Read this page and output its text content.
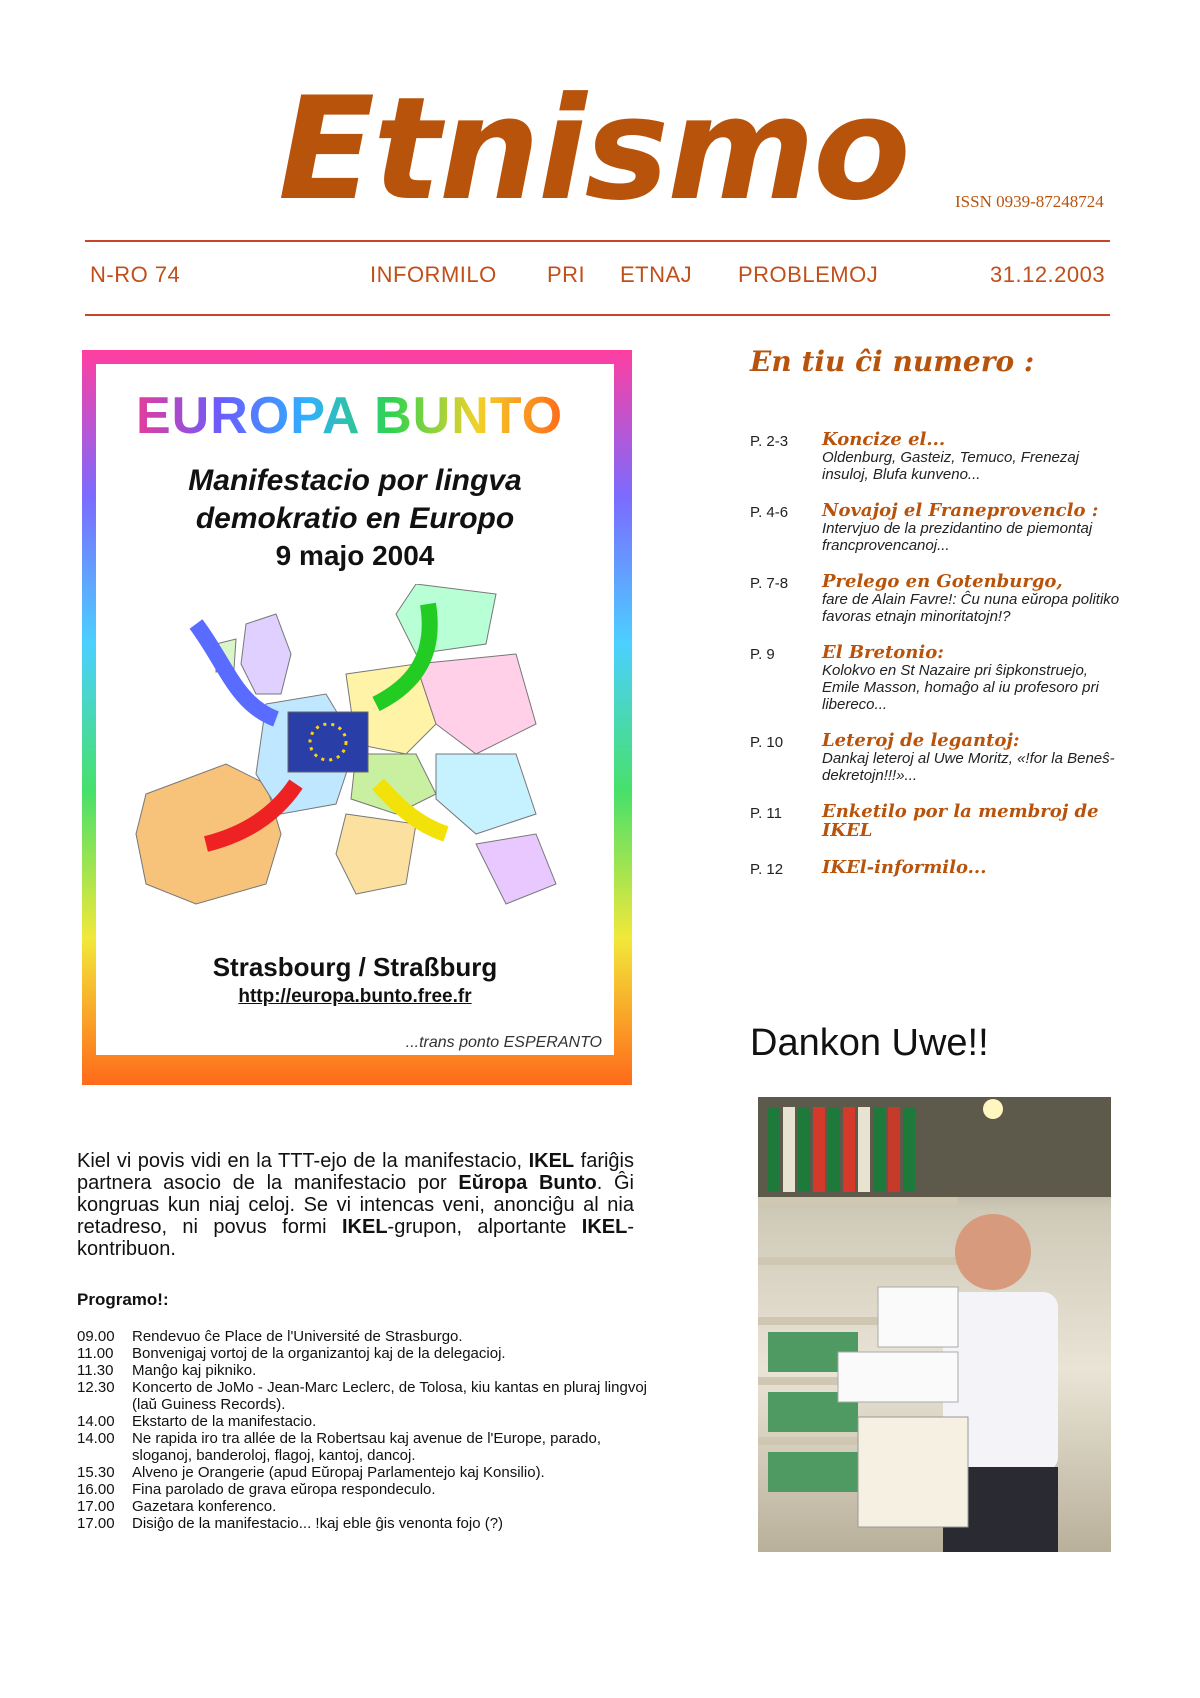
Etnismo	ISSN 0939-87248724
N-RO 74	INFORMILO PRI ETNAJ PROBLEMOJ	31.12.2003
EUROPA BUNTO
Manifestacio por lingva
demokratio en Europo
9 majo 2004
Strasbourg / Straßburg
http://europa.bunto.free.fr
...trans ponto ESPERANTO
En tiu ĉi numero :
P. 2-3	Koncize el...
Oldenburg, Gasteiz, Temuco, Frenezaj insuloj, Blufa kunveno...
P. 4-6	Novajoj el Franeprovenclo :
Intervjuo de la prezidantino de piemontaj francprovencanoj...
P. 7-8	Prelego en Gotenburgo,
fare de Alain Favre!: Ĉu nuna eŭropa politiko favoras etnajn minoritatojn!?
P. 9	El Bretonio:
Kolokvo en St Nazaire pri ŝipkonstruejo, Emile Masson, homaĝo al iu profesoro pri libereco...
P. 10	Leteroj de legantoj:
Dankaj leteroj al Uwe Moritz, «!for la Beneŝ-dekretojn!!!»...
P. 11	Enketilo por la membroj de IKEL
P. 12	IKEl-informilo...
Dankon Uwe!!
Kiel vi povis vidi en la TTT-ejo de la manifestacio, IKEL fariĝis partnera asocio de la manifestacio por Eŭropa Bunto. Ĝi kongruas kun niaj celoj. Se vi intencas veni, anonciĝu al nia retadreso, ni povus formi IKEL-grupon, alportante IKEL-kontribuon.
Programo!:
09.00	Rendevuo ĉe Place de l'Université de Strasburgo.
11.00	Bonvenigaj vortoj de la organizantoj kaj de la delegacioj.
11.30	Manĝo kaj pikniko.
12.30	Koncerto de JoMo - Jean-Marc Leclerc, de Tolosa, kiu kantas en pluraj lingvoj (laŭ Guiness Records).
14.00	Ekstarto de la manifestacio.
14.00	Ne rapida iro tra allée de la Robertsau kaj avenue de l'Europe, parado, sloganoj, banderoloj, flagoj, kantoj, dancoj.
15.30	Alveno je Orangerie (apud Eŭropaj Parlamentejo kaj Konsilio).
16.00	Fina parolado de grava eŭropa respondeculo.
17.00	Gazetara konferenco.
17.00	Disiĝo de la manifestacio... !kaj eble ĝis venonta fojo (?)
